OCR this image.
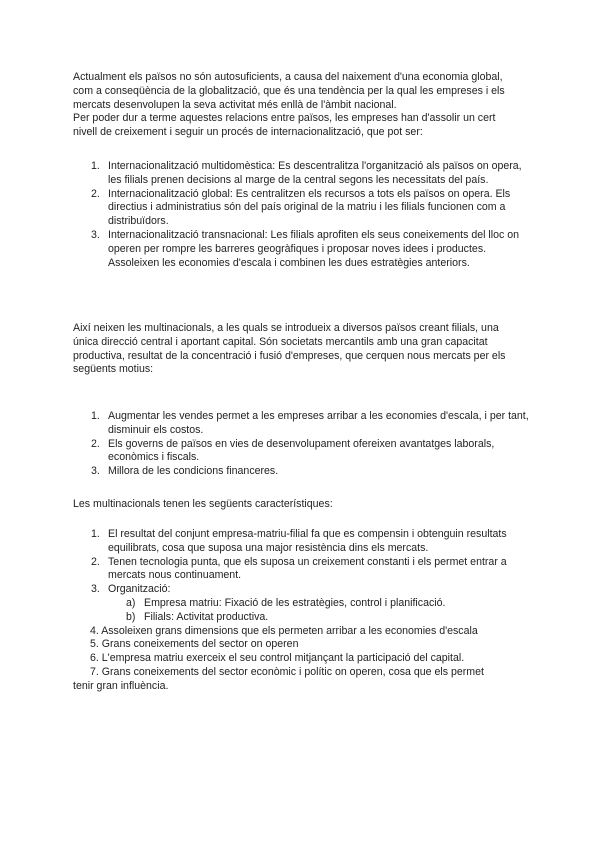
Actualment els països no són autosuficients, a causa del naixement d'una economia global,

com a conseqüència de la globalització, que és una tendència per la qual les empreses i els

mercats desenvolupen la seva activitat més enllà de l'àmbit nacional.

Per poder dur a terme aquestes relacions entre països, les empreses han d'assolir un cert

nivell de creixement i seguir un procés de internacionalització, que pot ser:

1. Internacionalització multidomèstica: Es descentralitza l'organització als països on opera, les filials prenen decisions al marge de la central segons les necessitats del país.
2. Internacionalització global: Es centralitzen els recursos a tots els països on opera. Els directius i administratius són del país original de la matriu i les filials funcionen com a distribuïdors.
3. Internacionalització transnacional: Les filials aprofiten els seus coneixements del lloc on operen per rompre les barreres geogràfiques i proposar noves idees i productes. Assoleixen les economies d'escala i combinen les dues estratègies anteriors.

Així neixen les multinacionals, a les quals se introdueix a diversos països creant filials, una

única direcció central i aportant capital. Són societats mercantils amb una gran capacitat

productiva, resultat de la concentració i fusió d'empreses, que cerquen nous mercats per els

següents motius:

1. Augmentar les vendes permet a les empreses arribar a les economies d'escala, i per tant, disminuir els costos.
2. Els governs de països en vies de desenvolupament ofereixen avantatges laborals, econòmics i fiscals.
3. Millora de les condicions financeres.

Les multinacionals tenen les següents característiques:

1. El resultat del conjunt empresa-matriu-filial fa que es compensin i obtenguin resultats equilibrats, cosa que suposa una major resistència dins els mercats.
2. Tenen tecnologia punta, que els suposa un creixement constanti i els permet entrar a mercats nous continuament.
3. Organització:
a) Empresa matriu: Fixació de les estratègies, control i planificació.
b) Filials: Activitat productiva.

4. Assoleixen grans dimensions que els permeten arribar a les economies d'escala

5. Grans coneixements del sector on operen

6. L'empresa matriu exerceix el seu control mitjançant la participació del capital.

7. Grans coneixements del sector econòmic i polític on operen, cosa que els permet

tenir gran influència.
